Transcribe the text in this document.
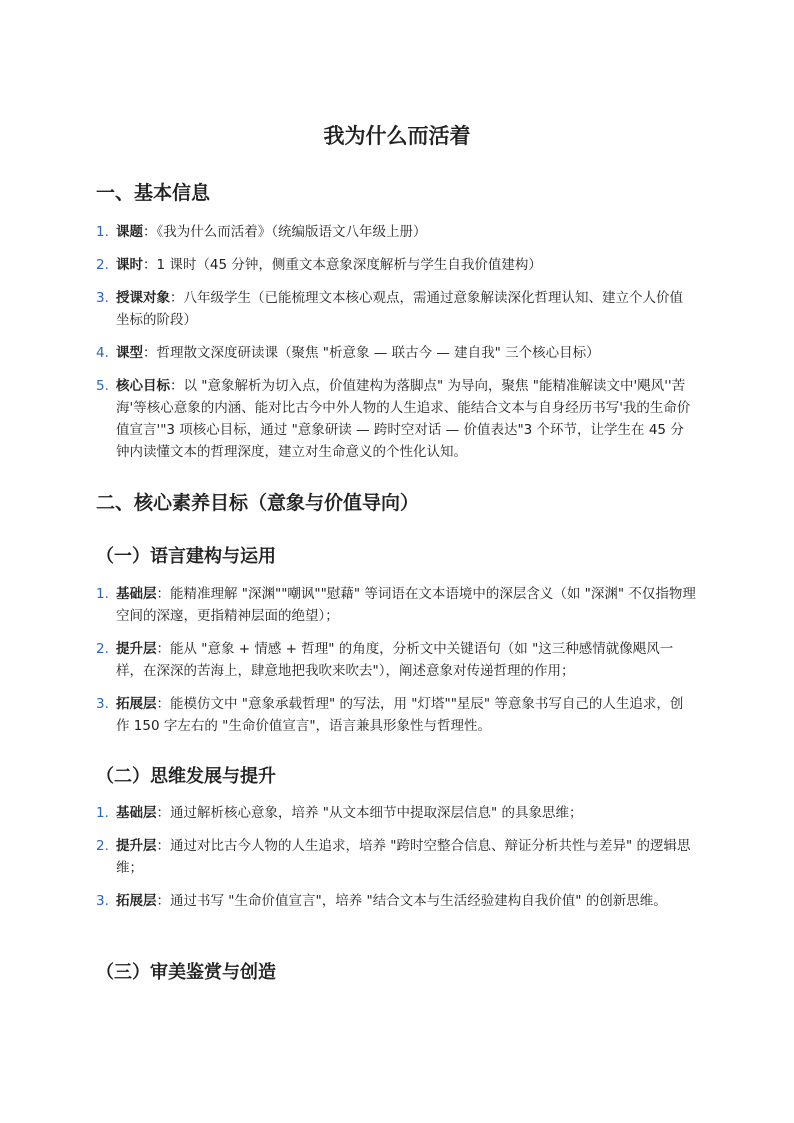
我为什么而活着
一、基本信息
1. 课题：《我为什么而活着》（统编版语文八年级上册）
2. 课时：1 课时（45 分钟，侧重文本意象深度解析与学生自我价值建构）
3. 授课对象：八年级学生（已能梳理文本核心观点，需通过意象解读深化哲理认知、建立个人价值坐标的阶段）
4. 课型：哲理散文深度研读课（聚焦 "析意象 — 联古今 — 建自我" 三个核心目标）
5. 核心目标：以 "意象解析为切入点，价值建构为落脚点" 为导向，聚焦 "能精准解读文中'飓风''苦海'等核心意象的内涵、能对比古今中外人物的人生追求、能结合文本与自身经历书写'我的生命价值宣言'"3 项核心目标，通过 "意象研读 — 跨时空对话 — 价值表达"3 个环节，让学生在 45 分钟内读懂文本的哲理深度，建立对生命意义的个性化认知。
二、核心素养目标（意象与价值导向）
（一）语言建构与运用
1. 基础层：能精准理解 "深渊""嘲讽""慰藉" 等词语在文本语境中的深层含义（如 "深渊" 不仅指物理空间的深邃，更指精神层面的绝望）；
2. 提升层：能从 "意象 + 情感 + 哲理" 的角度，分析文中关键语句（如 "这三种感情就像飓风一样，在深深的苦海上，肆意地把我吹来吹去"），阐述意象对传递哲理的作用；
3. 拓展层：能模仿文中 "意象承载哲理" 的写法，用 "灯塔""星辰" 等意象书写自己的人生追求，创作 150 字左右的 "生命价值宣言"，语言兼具形象性与哲理性。
（二）思维发展与提升
1. 基础层：通过解析核心意象，培养 "从文本细节中提取深层信息" 的具象思维；
2. 提升层：通过对比古今人物的人生追求，培养 "跨时空整合信息、辩证分析共性与差异" 的逻辑思维；
3. 拓展层：通过书写 "生命价值宣言"，培养 "结合文本与生活经验建构自我价值" 的创新思维。
（三）审美鉴赏与创造
